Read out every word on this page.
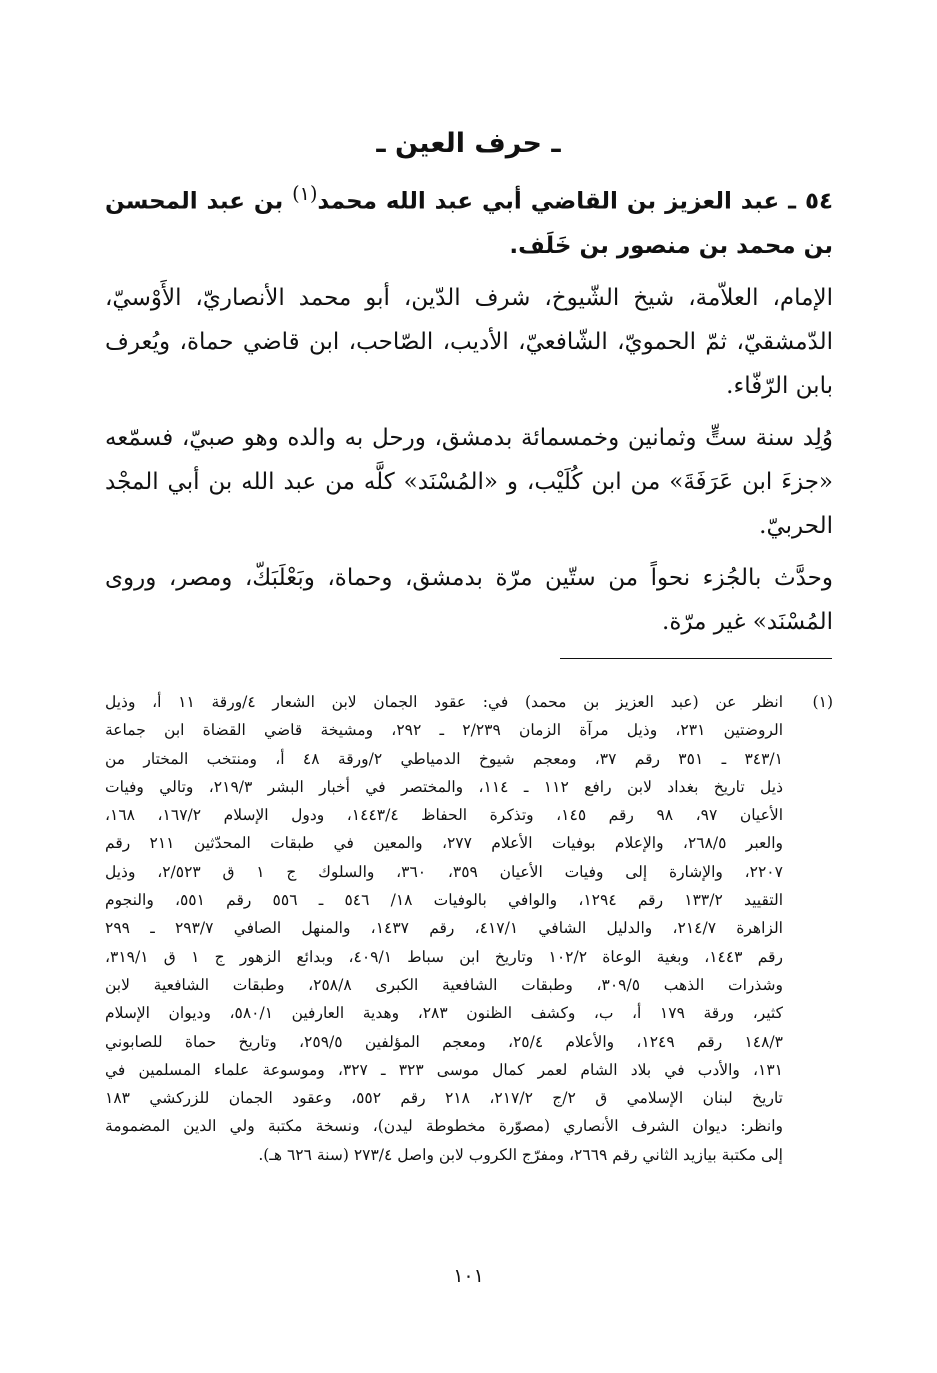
ـ حرف العين ـ

٥٤ ـ عبد العزيز بن القاضي أبي عبد الله محمد$^{(١)}$ بن عبد المحسن بن محمد بن منصور بن خَلَف.

الإمام، العلاّمة، شيخ الشّيوخ، شرف الدّين، أبو محمد الأنصاريّ، الأَوْسيّ، الدّمشقيّ، ثمّ الحمويّ، الشّافعيّ، الأديب، الصّاحب، ابن قاضي حماة، ويُعرف بابن الرّفّاء.

وُلِد سنة ستٍّ وثمانين وخمسمائة بدمشق، ورحل به والده وهو صبيّ، فسمّعه «جزءَ ابن عَرَفَةَ» من ابن كُلَيْب، و «المُسْنَد» كلَّه من عبد الله بن أبي المجْد الحربيّ.

وحدَّث بالجُزء نحواً من ستّين مرّة بدمشق، وحماة، وبَعْلَبَكّ، ومصر، وروى المُسْنَد» غير مرّة.

(١)
انظر عن (عبد العزيز بن محمد) في: عقود الجمان لابن الشعار ٤/ورقة ١١ أ، وذيل
الروضتين ٢٣١، وذيل مرآة الزمان ٢/٢٣٩ ـ ٢٩٢، ومشيخة قاضي القضاة ابن جماعة
٣٤٣/١ ـ ٣٥١ رقم ٣٧، ومعجم شيوخ الدمياطي ٢/ورقة ٤٨ أ، ومنتخب المختار من
ذيل تاريخ بغداد لابن رافع ١١٢ ـ ١١٤، والمختصر في أخبار البشر ٢١٩/٣، وتالي وفيات
الأعيان ٩٧، ٩٨ رقم ١٤٥، وتذكرة الحفاظ ١٤٤٣/٤، ودول الإسلام ١٦٧/٢، ١٦٨،
والعبر ٢٦٨/٥، والإعلام بوفيات الأعلام ٢٧٧، والمعين في طبقات المحدّثين ٢١١ رقم
٢٢٠٧، والإشارة إلى وفيات الأعيان ٣٥٩، ٣٦٠، والسلوك ج ١ ق ٢/٥٢٣، وذيل
التقييد ١٣٣/٢ رقم ١٢٩٤، والوافي بالوفيات ١٨/ ٥٤٦ ـ ٥٥٦ رقم ٥٥١، والنجوم
الزاهرة ٢١٤/٧، والدليل الشافي ٤١٧/١، رقم ١٤٣٧، والمنهل الصافي ٢٩٣/٧ ـ ٢٩٩
رقم ١٤٤٣، وبغية الوعاة ١٠٢/٢ وتاريخ ابن سباط ٤٠٩/١، وبدائع الزهور ج ١ ق ٣١٩/١،
وشذرات الذهب ٣٠٩/٥، وطبقات الشافعية الكبرى ٢٥٨/٨، وطبقات الشافعية لابن
كثير، ورقة ١٧٩ أ، ب، وكشف الظنون ٢٨٣، وهدية العارفين ٥٨٠/١، وديوان الإسلام
١٤٨/٣ رقم ١٢٤٩، والأعلام ٢٥/٤، ومعجم المؤلفين ٢٥٩/٥، وتاريخ حماة للصابوني
١٣١، والأدب في بلاد الشام لعمر كمال موسى ٣٢٣ ـ ٣٢٧، وموسوعة علماء المسلمين في
تاريخ لبنان الإسلامي ق ٢/ج ٢١٧/٢، ٢١٨ رقم ٥٥٢، وعقود الجمان للزركشي ١٨٣
وانظر: ديوان الشرف الأنصاري (مصوّرة مخطوطة ليدن)، ونسخة مكتبة ولي الدين المضمومة
إلى مكتبة بيازيد الثاني رقم ٢٦٦٩، ومفرّج الكروب لابن واصل ٢٧٣/٤ (سنة ٦٢٦ هـ).
١٠١
